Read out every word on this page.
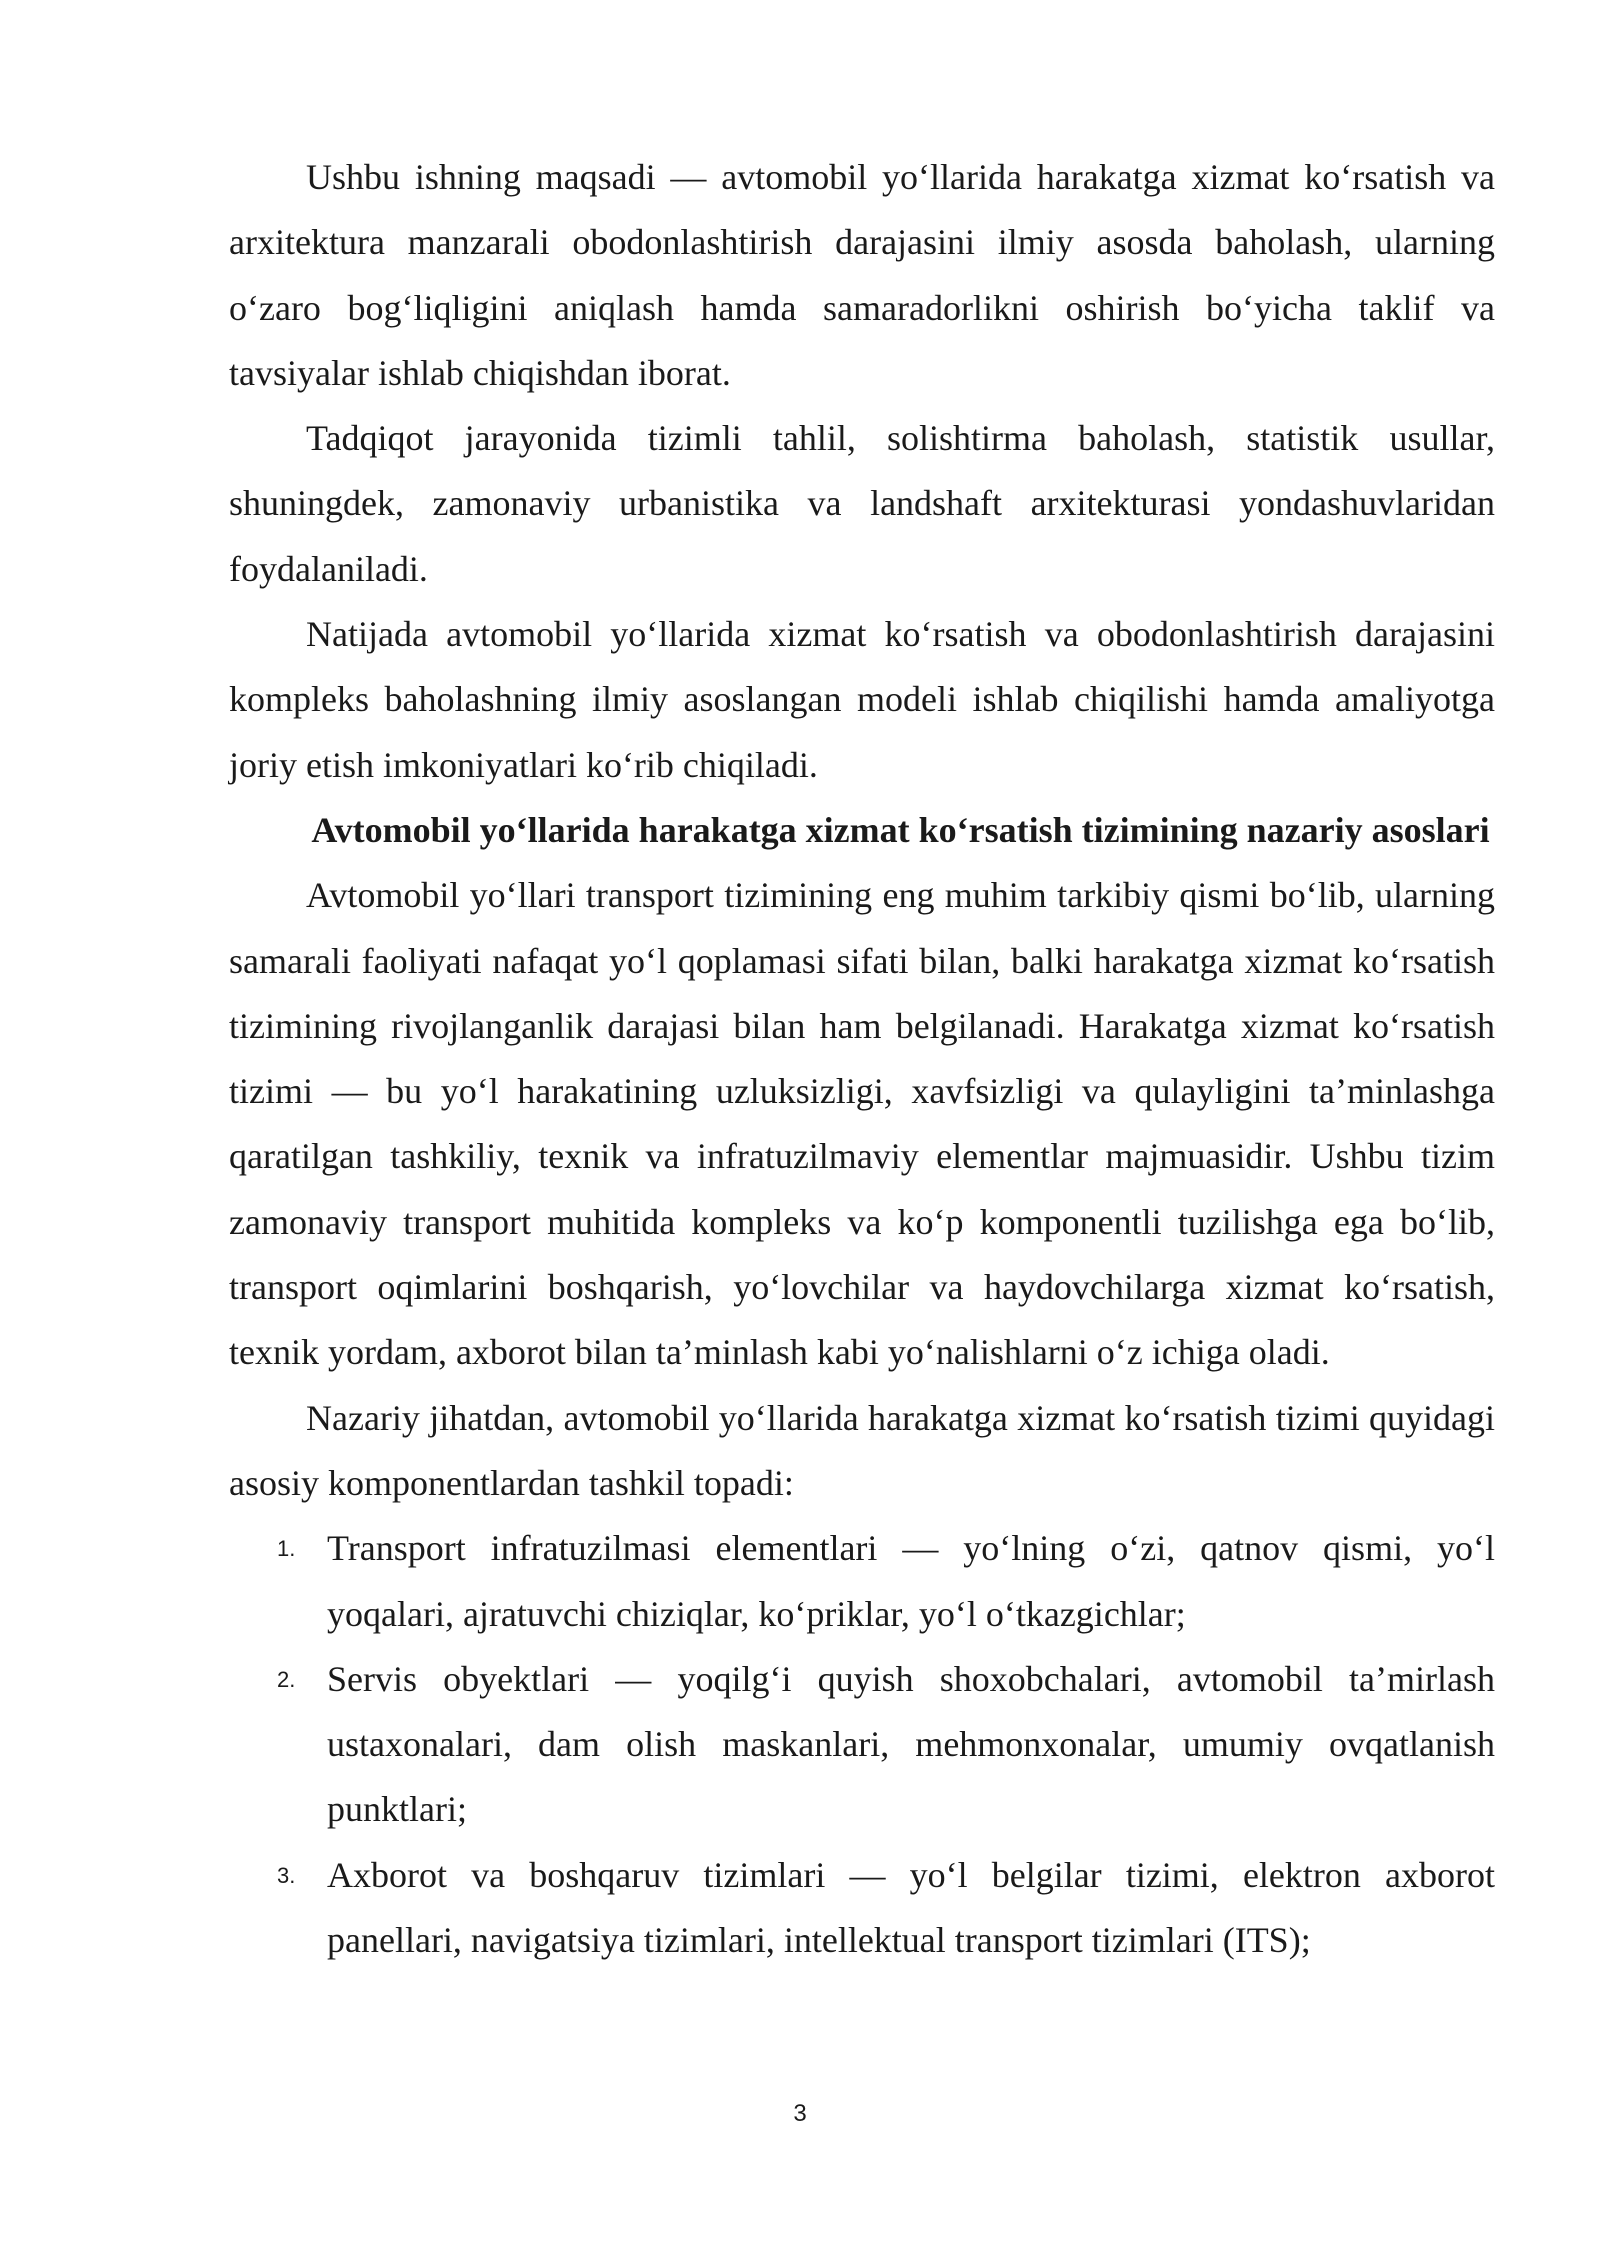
Ushbu ishning maqsadi — avtomobil yo‘llarida harakatga xizmat ko‘rsatish va arxitektura manzarali obodonlashtirish darajasini ilmiy asosda baholash, ularning o‘zaro bog‘liqligini aniqlash hamda samaradorlikni oshirish bo‘yicha taklif va tavsiyalar ishlab chiqishdan iborat.

Tadqiqot jarayonida tizimli tahlil, solishtirma baholash, statistik usullar, shuningdek, zamonaviy urbanistika va landshaft arxitekturasi yondashuvlaridan foydalaniladi.

Natijada avtomobil yo‘llarida xizmat ko‘rsatish va obodonlashtirish darajasini kompleks baholashning ilmiy asoslangan modeli ishlab chiqilishi hamda amaliyotga joriy etish imkoniyatlari ko‘rib chiqiladi.

Avtomobil yo‘llarida harakatga xizmat ko‘rsatish tizimining nazariy asoslari

Avtomobil yo‘llari transport tizimining eng muhim tarkibiy qismi bo‘lib, ularning samarali faoliyati nafaqat yo‘l qoplamasi sifati bilan, balki harakatga xizmat ko‘rsatish tizimining rivojlanganlik darajasi bilan ham belgilanadi. Harakatga xizmat ko‘rsatish tizimi — bu yo‘l harakatining uzluksizligi, xavfsizligi va qulayligini ta’minlashga qaratilgan tashkiliy, texnik va infratuzilmaviy elementlar majmuasidir. Ushbu tizim zamonaviy transport muhitida kompleks va ko‘p komponentli tuzilishga ega bo‘lib, transport oqimlarini boshqarish, yo‘lovchilar va haydovchilarga xizmat ko‘rsatish, texnik yordam, axborot bilan ta’minlash kabi yo‘nalishlarni o‘z ichiga oladi.

Nazariy jihatdan, avtomobil yo‘llarida harakatga xizmat ko‘rsatish tizimi quyidagi asosiy komponentlardan tashkil topadi:

1. Transport infratuzilmasi elementlari — yo‘lning o‘zi, qatnov qismi, yo‘l yoqalari, ajratuvchi chiziqlar, ko‘priklar, yo‘l o‘tkazgichlar;
2. Servis obyektlari — yoqilg‘i quyish shoxobchalari, avtomobil ta’mirlash ustaxonalari, dam olish maskanlari, mehmonxonalar, umumiy ovqatlanish punktlari;
3. Axborot va boshqaruv tizimlari — yo‘l belgilar tizimi, elektron axborot panellari, navigatsiya tizimlari, intellektual transport tizimlari (ITS);
3
